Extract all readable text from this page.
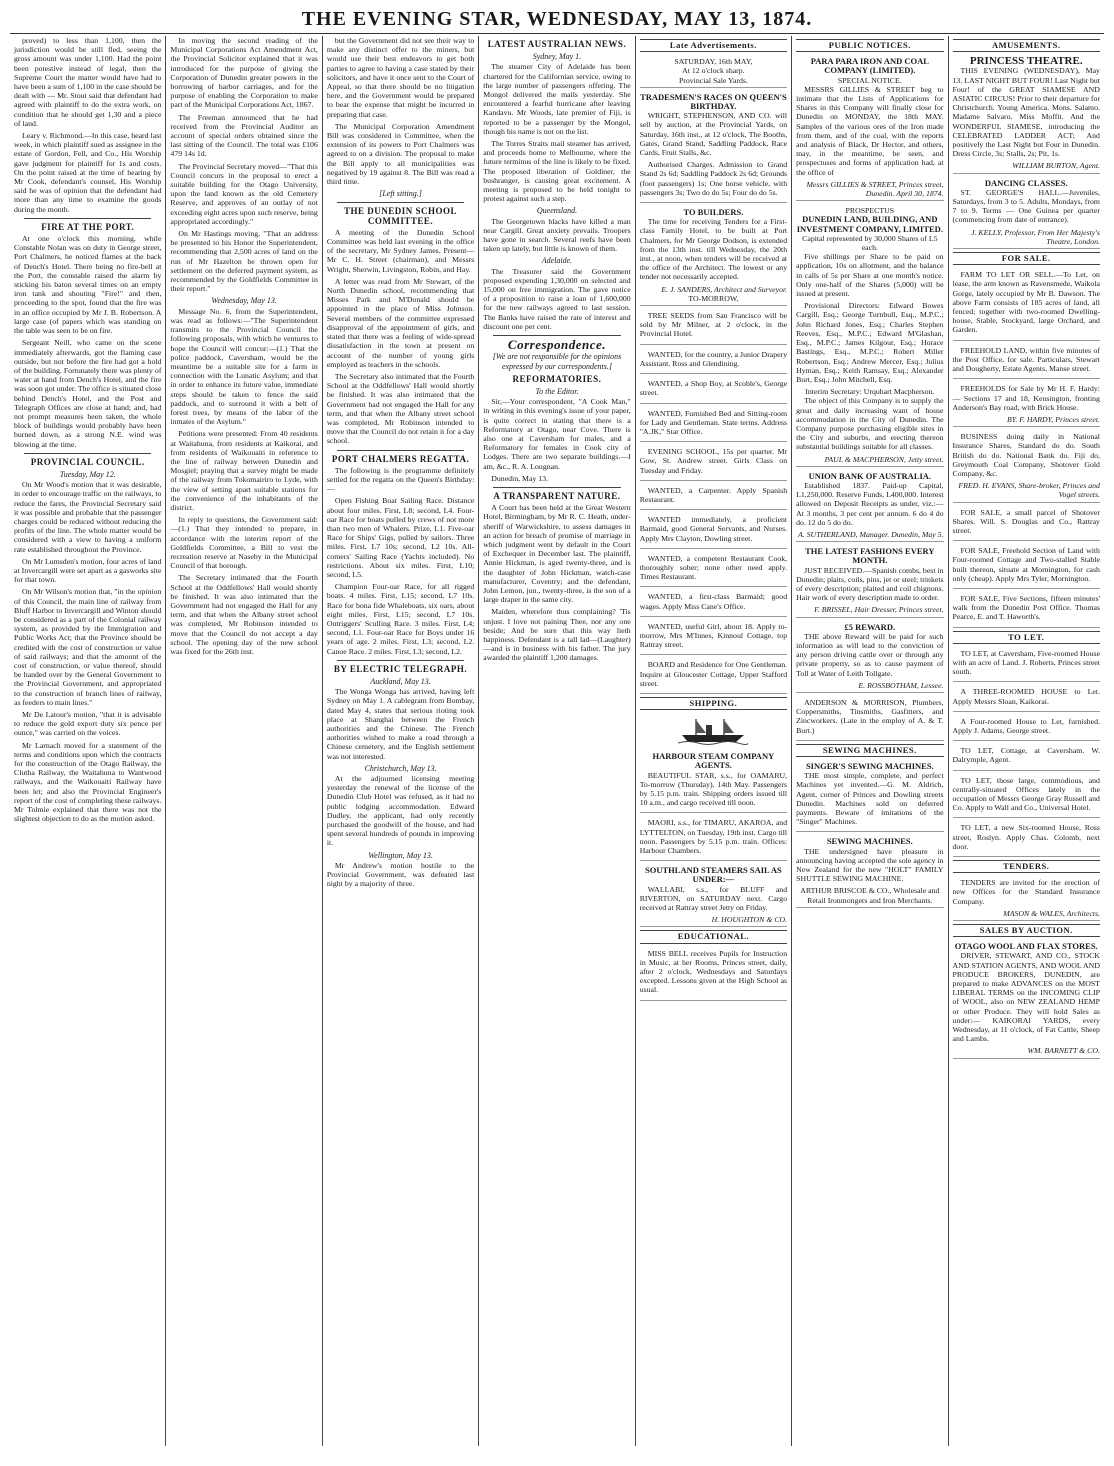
THE EVENING STAR, WEDNESDAY, MAY 13, 1874.

proved) to less than 1,100, then the jurisdiction would be still fled, seeing the gross amount was under 1,100. Had the point been potestive instead of legal, then the Supreme Court the matter would have had to have been a sum of 1,100 in the case should be dealt with — Mr. Stout said that defendant had agreed with plaintiff to do the extra work, on condition that he should get 1,30 and a piece of land.

Leary v. Richmond.—In this case, heard last week, in which plaintiff sued as assignee in the estate of Gordon, Fell, and Co., His Worship gave judgment for plaintiff for 1s and costs. On the point raised at the time of hearing by Mr Cook, defendant's counsel, His Worship said he was of opinion that the defendant had more than any time to examine the goods during the month.

FIRE AT THE PORT.

At one o'clock this morning, while Constable Nolan was on duty in George street, Port Chalmers, he noticed flames at the back of Dench's Hotel. There being no fire-bell at the Port, the constable raised the alarm by sticking his baton several times on an empty iron tank and shouting "Fire!" and then, proceeding to the spot, found that the fire was in an office occupied by Mr J. B. Robertson. A large case (of papers which was standing on the table was seen to be on fire.

Sergeant Neill, who came on the scene immediately afterwards, got the flaming case outside, but not before the fire had got a hold of the building. Fortunately there was plenty of water at hand from Dench's Hotel, and the fire was soon got under. The office is situated close behind Dench's Hotel, and the Post and Telegraph Offices are close at hand; and, had not prompt measures been taken, the whole block of buildings would probably have been burned down, as a strong N.E. wind was blowing at the time.

PROVINCIAL COUNCIL.
Tuesday, May 12.

On Mr Wood's motion that it was desirable, in order to encourage traffic on the railways, to reduce the fares, the Provincial Secretary said it was possible and probable that the passenger charges could be reduced without reducing the profits of the line. The whole matter would be considered with a view to having a uniform rate established throughout the Province.

On Mr Lumsden's motion, four acres of land at Invercargill were set apart as a gasworks site for that town.

On Mr Wilson's motion that, "in the opinion of this Council, the main line of railway from Bluff Harbor to Invercargill and Winton should be considered as a part of the Colonial railway system, as provided by the Immigration and Public Works Act; that the Province should be credited with the cost of construction or value of said railways; and that the amount of the cost of construction, or value thereof, should be handed over by the General Government to the Provincial Government, and appropriated to the construction of branch lines of railway, as feeders to main lines."

Mr De Latour's motion, "that it is advisable to reduce the gold export duty six pence per ounce," was carried on the voices.

Mr Larnach moved for a statement of the terms and conditions upon which the contracts for the construction of the Otago Railway, the Clutha Railway, the Waitahuna to Wantwood railways, and the Waikouaiti Railway have been let; and also the Provincial Engineer's report of the cost of completing these railways. Mr Tolmie explained that there was not the slightest objection to do as the motion asked.

In moving the second reading of the Municipal Corporations Act Amendment Act, the Provincial Solicitor explained that it was introduced for the purpose of giving the Corporation of Dunedin greater powers in the borrowing of harbor carriages, and for the purpose of enabling the Corporation to make part of the Municipal Corporations Act, 1867.

The Freeman announced that he had received from the Provincial Auditor an account of special orders obtained since the last sitting of the Council. The total was £106 479 14s 1d.

The Provincial Secretary moved—"That this Council concurs in the proposal to erect a suitable building for the Otago University, upon the land known as the old Cemetery Reserve, and approves of an outlay of not exceeding eight acres upon such reserve, being appropriated accordingly."

On Mr Hastings moving, "That an address be presented to his Honor the Superintendent, recommending that 2,500 acres of land on the run of Mr Hazelton be thrown open for settlement on the deferred payment system, as recommended by the Goldfields Committee in their report."

Wednesday, May 13.

Message No. 6, from the Superintendent, was read as follows:—"The Superintendent transmits to the Provincial Council the following proposals, with which he ventures to hope the Council will concur:—(1.) That the police paddock, Caversham, would be the meantime be a suitable site for a farm in connection with the Lunatic Asylum; and that in order to enhance its future value, immediate steps should be taken to fence the said paddock, and to surround it with a belt of forest trees, by means of the labor of the inmates of the Asylum."

Petitions were presented: From 40 residents at Waitahuna, from residents at Kaikorai, and from residents of Waikouaiti in reference to the line of railway between Dunedin and Mosgiel; praying that a survey might be made of the railway from Tokomairiro to Lyde, with the view of setting apart suitable stations for the convenience of the inhabitants of the district.

In reply to questions, the Government said:—(1.) That they intended to prepare, in accordance with the interim report of the Goldfields Committee, a Bill to vest the recreation reserve at Naseby in the Municipal Council of that borough.

The Secretary intimated that the Fourth School at the Oddfellows' Hall would shortly be finished. It was also intimated that the Government had not engaged the Hall for any term, and that when the Albany street school was completed, Mr Robinson intended to move that the Council do not accept a day school. The opening day of the new school was fixed for the 26th inst.

but the Government did not see their way to make any distinct offer to the miners, but would use their best endeavors to get both parties to agree to having a case stated by their solicitors, and have it once sent to the Court of Appeal, so that there should be no litigation here, and the Government would be prepared to bear the expense that might be incurred in preparing that case.

The Municipal Corporation Amendment Bill was considered in Committee, when the extension of its powers to Port Chalmers was agreed to on a division. The proposal to make the Bill apply to all municipalities was negatived by 19 against 8. The Bill was read a third time.

[Left sitting.]
THE DUNEDIN SCHOOL COMMITTEE.

A meeting of the Dunedin School Committee was held last evening in the office of the secretary, Mr Sydney James. Present—Mr C. H. Street (chairman), and Messrs Wright, Sherwin, Livingston, Robin, and Hay.

A letter was read from Mr Stewart, of the North Dunedin school, recommending that Misses Park and M'Donald should be appointed in the place of Miss Johnson. Several members of the committee expressed disapproval of the appointment of girls, and stated that there was a feeling of wide-spread dissatisfaction in the town at present on account of the number of young girls employed as teachers in the schools.

The Secretary also intimated that the Fourth School at the Oddfellows' Hall would shortly be finished. It was also intimated that the Government had not engaged the Hall for any term, and that when the Albany street school was completed, Mr Robinson intended to move that the Council do not retain it for a day school.

PORT CHALMERS REGATTA.

The following is the programme definitely settled for the regatta on the Queen's Birthday:—

Open Fishing Boat Sailing Race. Distance about four miles. First, L8; second, L4. Four-oar Race for boats pulled by crews of not more than two men of Whalers. Prize, L1. Five-oar Race for Ships' Gigs, pulled by sailors. Three miles. First, L7 10s; second, L2 10s. All-comers' Sailing Race (Yachts included). No restrictions. About six miles. First, L10; second, L5.

Champion Four-oar Race, for all rigged boats. 4 miles. First, L15; second, L7 10s. Race for bona fide Whaleboats, six oars, about eight miles. First, L15; second, L7 10s. Outriggers' Sculling Race. 3 miles. First, L4; second, L1. Four-oar Race for Boys under 16 years of age. 2 miles. First, L3; second, L2. Canoe Race. 2 miles. First, L3; second, L2.

BY ELECTRIC TELEGRAPH.
Auckland, May 13.

The Wonga Wonga has arrived, having left Sydney on May 1. A cablegram from Bombay, dated May 4, states that serious rioting took place at Shanghai between the French authorities and the Chinese. The French authorities wished to make a road through a Chinese cemetery, and the English settlement was not interested.

Christchurch, May 13.

At the adjourned licensing meeting yesterday the renewal of the license of the Dunedin Club Hotel was refused, as it had no public lodging accommodation. Edward Dudley, the applicant, had only recently purchased the goodwill of the house, and had spent several hundreds of pounds in improving it.

Wellington, May 13.

Mr Andrew's motion hostile to the Provincial Government, was defeated last night by a majority of three.

LATEST AUSTRALIAN NEWS.
Sydney, May 1.

The steamer City of Adelaide has been chartered for the Californian service, owing to the large number of passengers offering. The Mongol delivered the mails yesterday. She encountered a fearful hurricane after leaving Kandavu. Mr Woods, late premier of Fiji, is reported to be a passenger by the Mongol, though his name is not on the list.

The Torres Straits mail steamer has arrived, and proceeds home to Melbourne, where the future terminus of the line is likely to be fixed. The proposed liberation of Goldiner, the bushranger, is causing great excitement. A meeting is proposed to be held tonight to protest against such a step.

Queensland.

The Georgetown blacks have killed a man near Cargill. Great anxiety prevails. Troopers have gone in search. Several reefs have been taken up lately, but little is known of them.

Adelaide.

The Treasurer said the Government proposed expending 1,30,000 on selected and 15,000 on free immigration. The gave notice of a proposition to raise a loan of 1,600,000 for the new railways agreed to last session. The Banks have raised the rate of interest and discount one per cent.

Correspondence.
[We are not responsible for the opinions expressed by our correspondents.]
REFORMATORIES.
To the Editor.

Sir,—Your correspondent, "A Cook Man," in writing in this evening's issue of your paper, is quite correct in stating that there is a Reformatory at Otago, near Cove. There is also one at Caversham for males, and a Reformatory for females in Cook city of Lodges. There are two separate buildings.—I am, &c., R. A. Lougnan.

Dunedin, May 13.

A TRANSPARENT NATURE.

A Court has been held at the Great Western Hotel, Birmingham, by Mr R. C. Heath, under-sheriff of Warwickshire, to assess damages in an action for breach of promise of marriage in which judgment went by default in the Court of Exchequer in December last. The plaintiff, Annie Hickman, is aged twenty-three, and is the daughter of John Hickman, watch-case manufacturer, Coventry; and the defendant, John Lemon, jun., twenty-three, is the son of a large draper in the same city.

Maiden, wherefore thus complaining? 'Tis unjust. I love not paining Thee, nor any one beside; And be sure that this way lieth happiness. Defendant is a tall lad—(Laughter)—and is in business with his father. The jury awarded the plaintiff 1,200 damages.

Late Advertisements.
SATURDAY, 16th MAY,
At 12 o'clock sharp.
Provincial Sale Yards.
TRADESMEN'S RACES ON QUEEN'S BIRTHDAY.

WRIGHT, STEPHENSON, AND CO. will sell by auction, at the Provincial Yards, on Saturday, 16th inst., at 12 o'clock, The Booths, Gates, Grand Stand, Saddling Paddock, Race Cards, Fruit Stalls, &c.

Authorised Charges. Admission to Grand Stand 2s 6d; Saddling Paddock 2s 6d; Grounds (foot passengers) 1s; One horse vehicle, with passengers 3s; Two do do 5s; Four do do 5s.

TO BUILDERS.

The time for receiving Tenders for a First-class Family Hotel, to be built at Port Chalmers, for Mr George Dodson, is extended from the 13th inst. till Wednesday, the 20th inst., at noon, when tenders will be received at the office of the Architect. The lowest or any tender not necessarily accepted.

E. J. SANDERS, Architect and Surveyor.
TO-MORROW,

TREE SEEDS from San Francisco will be sold by Mr Milner, at 2 o'clock, in the Provincial Hotel.

WANTED, for the country, a Junior Drapery Assistant. Ross and Glendining.

WANTED, a Shop Boy, at Scoble's, George street.

WANTED, Furnished Bed and Sitting-room for Lady and Gentleman. State terms. Address "A.JK," Star Office.

EVENING SCHOOL, 15s per quarter. Mr Gow, St. Andrew street. Girls Class on Tuesday and Friday.

WANTED, a Carpenter. Apply Spanish Restaurant.

WANTED immediately, a proficient Barmaid, good General Servants, and Nurses. Apply Mrs Clayton, Dowling street.

WANTED, a competent Restaurant Cook, thoroughly sober; none other need apply. Times Restaurant.

WANTED, a first-class Barmaid; good wages. Apply Miss Cane's Office.

WANTED, useful Girl, about 18. Apply to-morrow, Mrs M'Innes, Kinnoul Cottage, top Rattray street.

BOARD and Residence for One Gentleman. Inquire at Gloucester Cottage, Upper Stafford street.

SHIPPING.
HARBOUR STEAM COMPANY AGENTS.

BEAUTIFUL STAR, s.s., for OAMARU, To-morrow (Thursday), 14th May. Passengers by 5.15 p.m. train. Shipping orders issued till 10 a.m., and cargo received till noon.

MAORI, s.s., for TIMARU, AKAROA, and LYTTELTON, on Tuesday, 19th inst. Cargo till noon. Passengers by 5.15 p.m. train. Offices: Harbour Chambers.

SOUTHLAND STEAMERS SAIL AS UNDER:—

WALLABI, s.s., for BLUFF and RIVERTON, on SATURDAY next. Cargo received at Rattray street Jetty on Friday.

H. HOUGHTON & CO.
EDUCATIONAL.

MISS BELL receives Pupils for Instruction in Music, at her Rooms, Princes street, daily, after 2 o'clock, Wednesdays and Saturdays excepted. Lessons given at the High School as usual.

PUBLIC NOTICES.
PARA PARA IRON AND COAL COMPANY (LIMITED).
SPECIAL NOTICE.

MESSRS GILLIES & STREET beg to intimate that the Lists of Applications for Shares in this Company will finally close for Dunedin on MONDAY, the 18th MAY. Samples of the various ores of the Iron made from them, and of the coal, with the reports and analysis of Black, Dr Hector, and others, may, in the meantime, be seen, and prospectuses and forms of application had, at the office of

Messrs GILLIES & STREET, Princes street, Dunedin. April 30, 1874.
PROSPECTUS
DUNEDIN LAND, BUILDING, AND INVESTMENT COMPANY, LIMITED.
Capital represented by 30,000 Shares of L5 each.

Five shillings per Share to be paid on application, 10s on allotment, and the balance in calls of 5s per Share at one month's notice. Only one-half of the Shares (5,000) will be issued at present.

Provisional Directors: Edward Bowes Cargill, Esq.; George Turnbull, Esq., M.P.C.; John Richard Jones, Esq.; Charles Stephen Reeves, Esq., M.P.C.; Edward M'Glashan, Esq., M.P.C.; James Kilgour, Esq.; Horace Bastings, Esq., M.P.C.; Robert Miller Robertson, Esq.; Andrew Mercer, Esq.; Julius Hyman, Esq.; Keith Ramsay, Esq.; Alexander Burt, Esq.; John Mitchell, Esq.

Interim Secretary: Urquhart Macpherson.

The object of this Company is to supply the great and daily increasing want of house accommodation in the City of Dunedin. The Company purpose purchasing eligible sites in the City and suburbs, and erecting thereon substantial buildings suitable for all classes.

PAUL & MACPHERSON, Jetty street.
UNION BANK OF AUSTRALIA.

Established 1837. Paid-up Capital, L1,250,000. Reserve Funds, L400,000. Interest allowed on Deposit Receipts as under, viz.:— At 3 months, 3 per cent per annum. 6 do 4 do do. 12 do 5 do do.

A. SUTHERLAND, Manager. Dunedin, May 5.
THE LATEST FASHIONS EVERY MONTH.

JUST RECEIVED.—Spanish combs, best in Dunedin; plaits, coils, pins, jet or steel; trinkets of every description; plaited and coil chignons. Hair work of every description made to order.

F. BRISSEL, Hair Dresser, Princes street.
£5 REWARD.

THE above Reward will be paid for such information as will lead to the conviction of any person driving cattle over or through any private property, so as to cause payment of Toll at Water of Leith Tollgate.

E. ROSSBOTHAM, Lessee.

ANDERSON & MORRISON, Plumbers, Coppersmiths, Tinsmiths, Gasfitters, and Zincworkers. (Late in the employ of A. & T. Burt.)

SEWING MACHINES.
SINGER'S SEWING MACHINES.

THE most simple, complete, and perfect Machines yet invented.—G. M. Aldrich, Agent, corner of Princes and Dowling streets Dunedin. Machines sold on deferred payments. Beware of imitations of the "Singer" Machines.

SEWING MACHINES.

THE undersigned have pleasure in announcing having accepted the sole agency in New Zealand for the new "HOLT" FAMILY SHUTTLE SEWING MACHINE.

ARTHUR BRISCOE & CO., Wholesale and Retail Ironmongers and Iron Merchants.
AMUSEMENTS.
PRINCESS THEATRE.

THIS EVENING (WEDNESDAY), May 13. LAST NIGHT BUT FOUR! Last Night but Four! of the GREAT SIAMESE AND ASIATIC CIRCUS! Prior to their departure for Christchurch. Young America. Mons. Salamo. Madame Salvaro. Miss Moffit. And the WONDERFUL SIAMESE, introducing the CELEBRATED LADDER ACT; And positively the Last Night but Four in Dunedin. Dress Circle, 3s; Stalls, 2s; Pit, 1s.

WILLIAM BURTON, Agent.
DANCING CLASSES.

ST. GEORGE'S HALL.—Juveniles, Saturdays, from 3 to 5. Adults, Mondays, from 7 to 9. Terms — One Guinea per quarter (commencing from date of entrance).

J. KELLY, Professor, From Her Majesty's Theatre, London.
FOR SALE.

FARM TO LET OR SELL.—To Let, on lease, the arm known as Ravensmede, Waikola Gorge, lately occupied by Mr B. Dawson. The above Farm consists of 185 acres of land, all fenced; together with two-roomed Dwelling-house, Stable, Stockyard, large Orchard, and Garden.

FREEHOLD LAND, within five minutes of the Post Office, for sale. Particulars, Stewart and Dougherty, Estate Agents, Manse street.

FREEHOLDS for Sale by Mr H. F. Hardy:— Sections 17 and 18, Kensington, fronting Anderson's Bay road, with Brick House.

BY. F. HARDY, Princes street.

BUSINESS doing daily in National Insurance Shares, Standard do do. South British do do. National Bank do. Fiji do, Greymouth Coal Company, Shotover Gold Company, &c.

FRED. H. EVANS, Share-broker, Princes and Vogel streets.

FOR SALE, a small parcel of Shotover Shares. Will. S. Douglas and Co., Rattray street.

FOR SALE, Freehold Section of Land with Four-roomed Cottage and Two-stalled Stable built thereon, situate at Mornington, for cash only (cheap). Apply Mrs Tyler, Mornington.

FOR SALE, Five Sections, fifteen minutes' walk from the Dunedin Post Office. Thomas Pearce, E. and T. Haworth's.

TO LET.

TO LET, at Caversham, Five-roomed House with an acre of Land. J. Roberts, Princes street south.

A THREE-ROOMED HOUSE to Let. Apply Messrs Sloan, Kaikorai.

A Four-roomed House to Let, furnished. Apply J. Adams, George street.

TO LET, Cottage, at Caversham. W. Dalrymple, Agent.

TO LET, those large, commodious, and centrally-situated Offices lately in the occupation of Messrs George Gray Russell and Co. Apply to Wall and Co., Universal Hotel.

TO LET, a new Six-roomed House, Ross street, Roslyn. Apply Chas. Colomb, next door.

TENDERS.

TENDERS are invited for the erection of new Offices for the Standard Insurance Company.

MASON & WALES, Architects.
SALES BY AUCTION.
OTAGO WOOL AND FLAX STORES.

DRIVER, STEWART, AND CO., STOCK AND STATION AGENTS, AND WOOL AND PRODUCE BROKERS, DUNEDIN, are prepared to make ADVANCES on the MOST LIBERAL TERMS on the INCOMING CLIP of WOOL, also on NEW ZEALAND HEMP or other Produce. They will hold Sales as under:— KAIKORAI YARDS, every Wednesday, at 11 o'clock, of Fat Cattle, Sheep and Lambs.

WM. BARNETT & CO.
